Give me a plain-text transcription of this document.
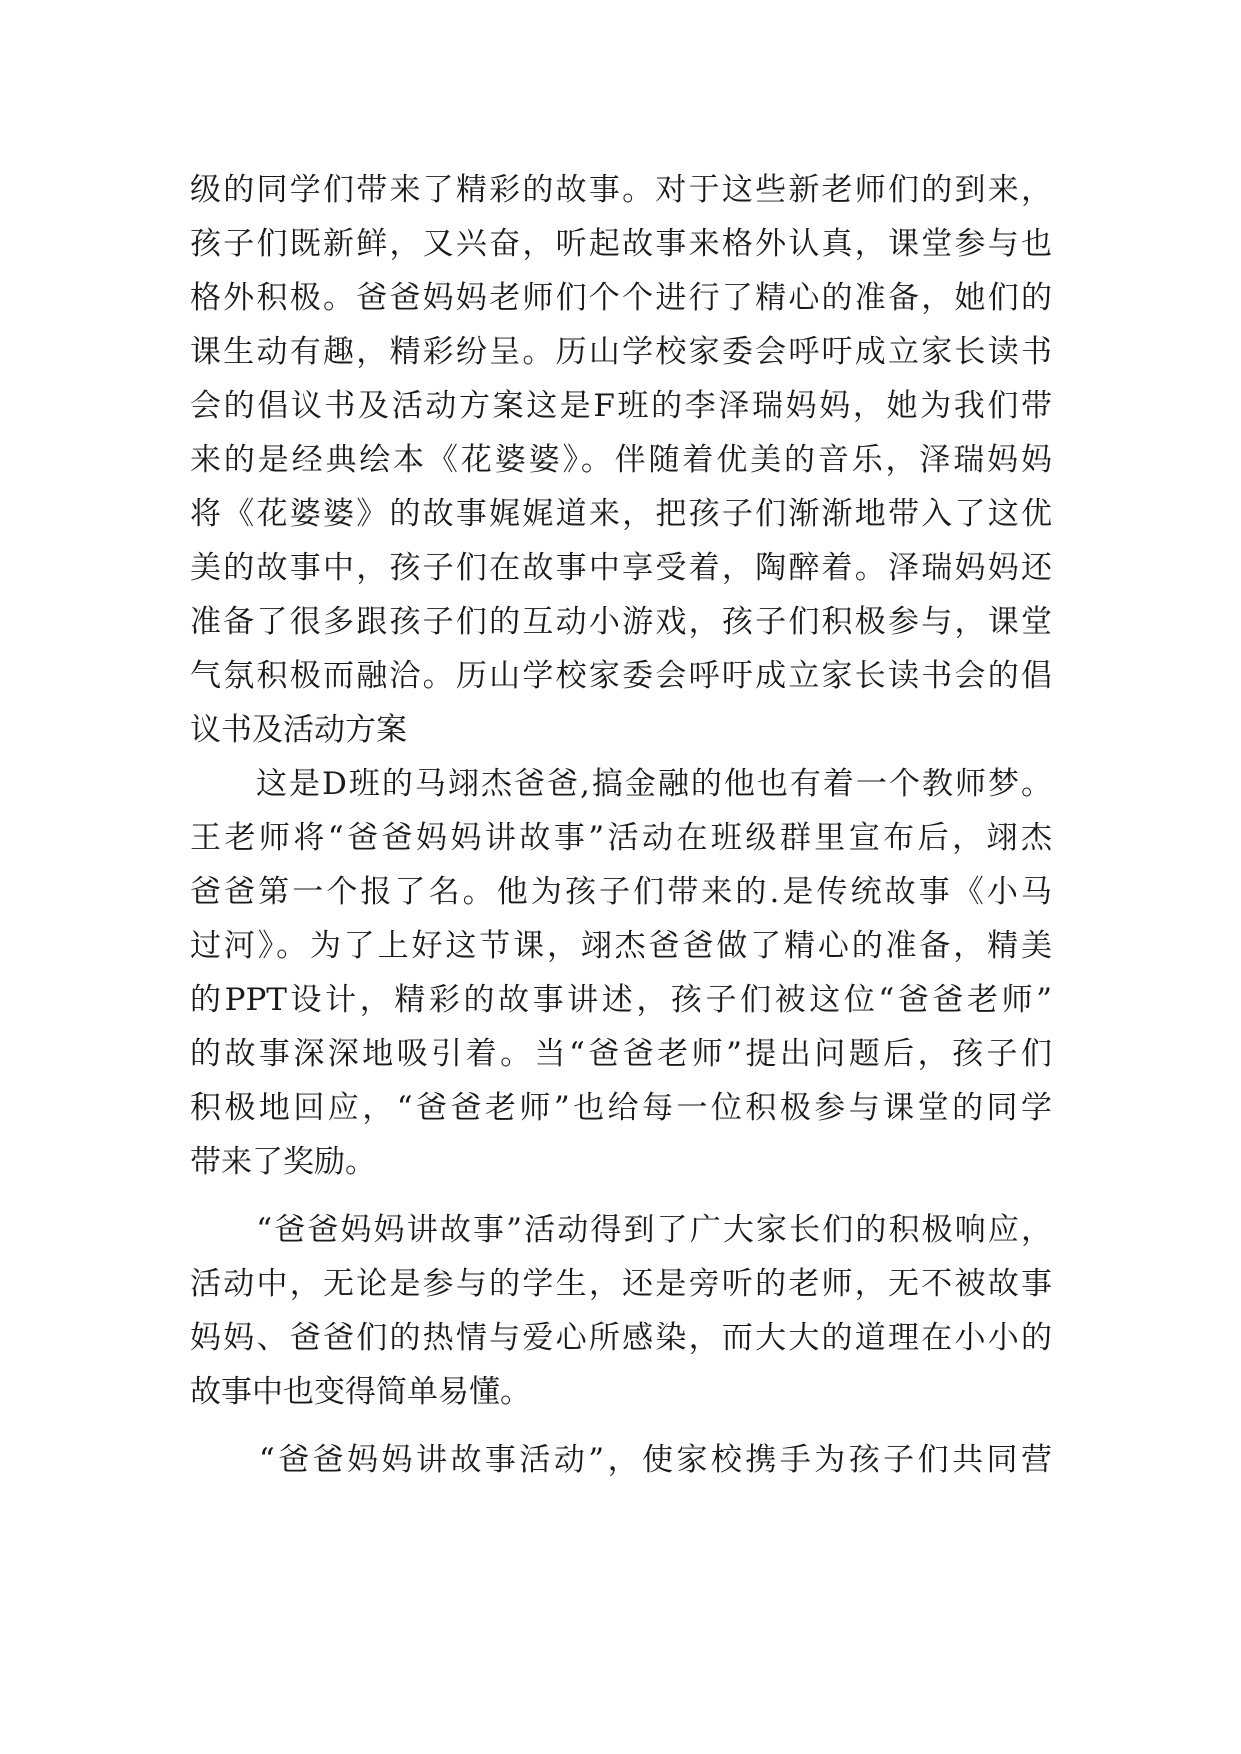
级的同学们带来了精彩的故事。对于这些新老师们的到来，
孩子们既新鲜，又兴奋，听起故事来格外认真，课堂参与也
格外积极。爸爸妈妈老师们个个进行了精心的准备，她们的
课生动有趣，精彩纷呈。历山学校家委会呼吁成立家长读书
会的倡议书及活动方案这是F班的李泽瑞妈妈，她为我们带
来的是经典绘本《花婆婆》。伴随着优美的音乐，泽瑞妈妈
将《花婆婆》的故事娓娓道来，把孩子们渐渐地带入了这优
美的故事中，孩子们在故事中享受着，陶醉着。泽瑞妈妈还
准备了很多跟孩子们的互动小游戏，孩子们积极参与，课堂
气氛积极而融洽。历山学校家委会呼吁成立家长读书会的倡
议书及活动方案
　　这是D班的马翊杰爸爸,搞金融的他也有着一个教师梦。
王老师将“爸爸妈妈讲故事”活动在班级群里宣布后，翊杰
爸爸第一个报了名。他为孩子们带来的.是传统故事《小马
过河》。为了上好这节课，翊杰爸爸做了精心的准备，精美
的PPT设计，精彩的故事讲述，孩子们被这位“爸爸老师”
的故事深深地吸引着。当“爸爸老师”提出问题后，孩子们
积极地回应，“爸爸老师”也给每一位积极参与课堂的同学
带来了奖励。
　　“爸爸妈妈讲故事”活动得到了广大家长们的积极响应，
活动中，无论是参与的学生，还是旁听的老师，无不被故事
妈妈、爸爸们的热情与爱心所感染，而大大的道理在小小的
故事中也变得简单易懂。
　　“爸爸妈妈讲故事活动”，使家校携手为孩子们共同营
